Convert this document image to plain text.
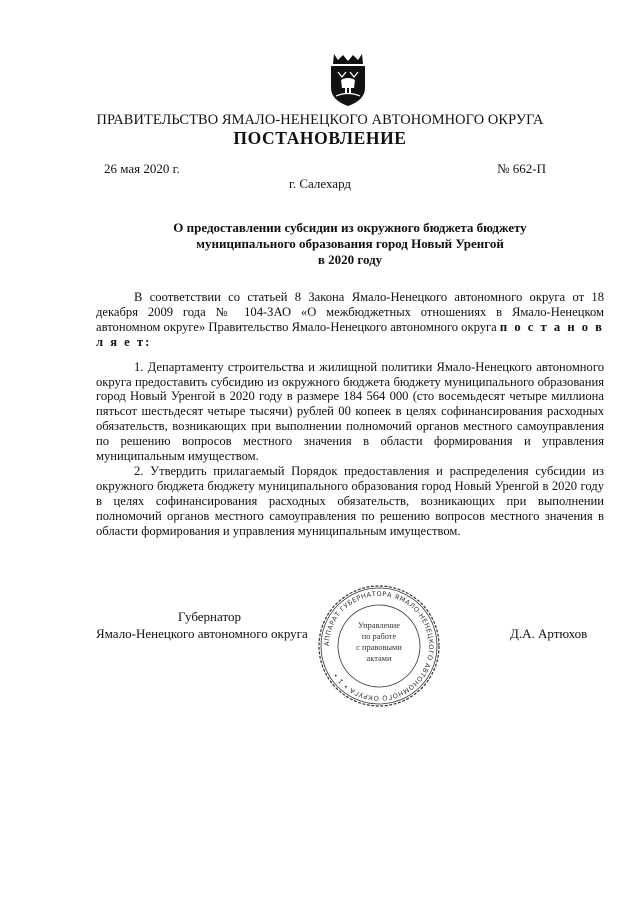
ПРАВИТЕЛЬСТВО ЯМАЛО-НЕНЕЦКОГО АВТОНОМНОГО ОКРУГА
ПОСТАНОВЛЕНИЕ
26 мая 2020 г.	№ 662-П
г. Салехард
О предоставлении субсидии из окружного бюджета бюджету
муниципального образования город Новый Уренгой
в 2020 году

В соответствии со статьей 8 Закона Ямало-Ненецкого автономного округа от 18 декабря 2009 года № 104-ЗАО «О межбюджетных отношениях в Ямало-Ненецком автономном округе» Правительство Ямало-Ненецкого автономного округа п о с т а н о в л я е т:

1. Департаменту строительства и жилищной политики Ямало-Ненецкого автономного округа предоставить субсидию из окружного бюджета бюджету муниципального образования город Новый Уренгой в 2020 году в размере 184 564 000 (сто восемьдесят четыре миллиона пятьсот шестьдесят четыре тысячи) рублей 00 копеек в целях софинансирования расходных обязательств, возникающих при выполнении полномочий органов местного самоуправления по решению вопросов местного значения в области формирования и управления муниципальным имуществом.

2. Утвердить прилагаемый Порядок предоставления и распределения субсидии из окружного бюджета бюджету муниципального образования город Новый Уренгой в 2020 году в целях софинансирования расходных обязательств, возникающих при выполнении полномочий органов местного самоуправления по решению вопросов местного значения в области формирования и управления муниципальным имуществом.

Губернатор
Ямало-Ненецкого автономного округа	Д.А. Артюхов
АППАРАТ ГУБЕРНАТОРА ЯМАЛО-НЕНЕЦКОГО АВТОНОМНОГО ОКРУГА • 1 •
Управление
по работе
с правовыми
актами
